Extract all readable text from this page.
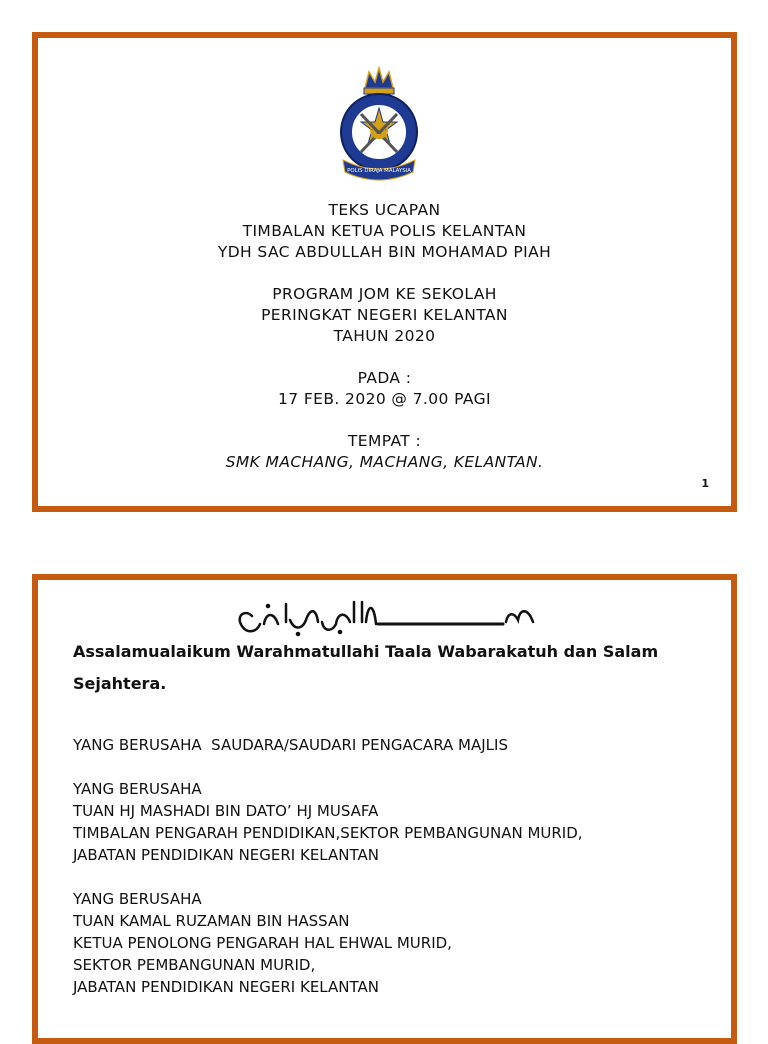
POLIS DIRAJA MALAYSIA
TEKS UCAPAN
TIMBALAN KETUA POLIS KELANTAN
YDH SAC ABDULLAH BIN MOHAMAD PIAH
PROGRAM JOM KE SEKOLAH
PERINGKAT NEGERI KELANTAN
TAHUN 2020
PADA :
17 FEB. 2020 @ 7.00 PAGI
TEMPAT :
SMK MACHANG, MACHANG, KELANTAN.
1
Assalamualaikum Warahmatullahi Taala Wabarakatuh dan Salam Sejahtera.
YANG BERUSAHA  SAUDARA/SAUDARI PENGACARA MAJLIS
YANG BERUSAHA
TUAN HJ MASHADI BIN DATO’ HJ MUSAFA
TIMBALAN PENGARAH PENDIDIKAN,SEKTOR PEMBANGUNAN MURID,
JABATAN PENDIDIKAN NEGERI KELANTAN
YANG BERUSAHA
TUAN KAMAL RUZAMAN BIN HASSAN
KETUA PENOLONG PENGARAH HAL EHWAL MURID,
SEKTOR PEMBANGUNAN MURID,
JABATAN PENDIDIKAN NEGERI KELANTAN
